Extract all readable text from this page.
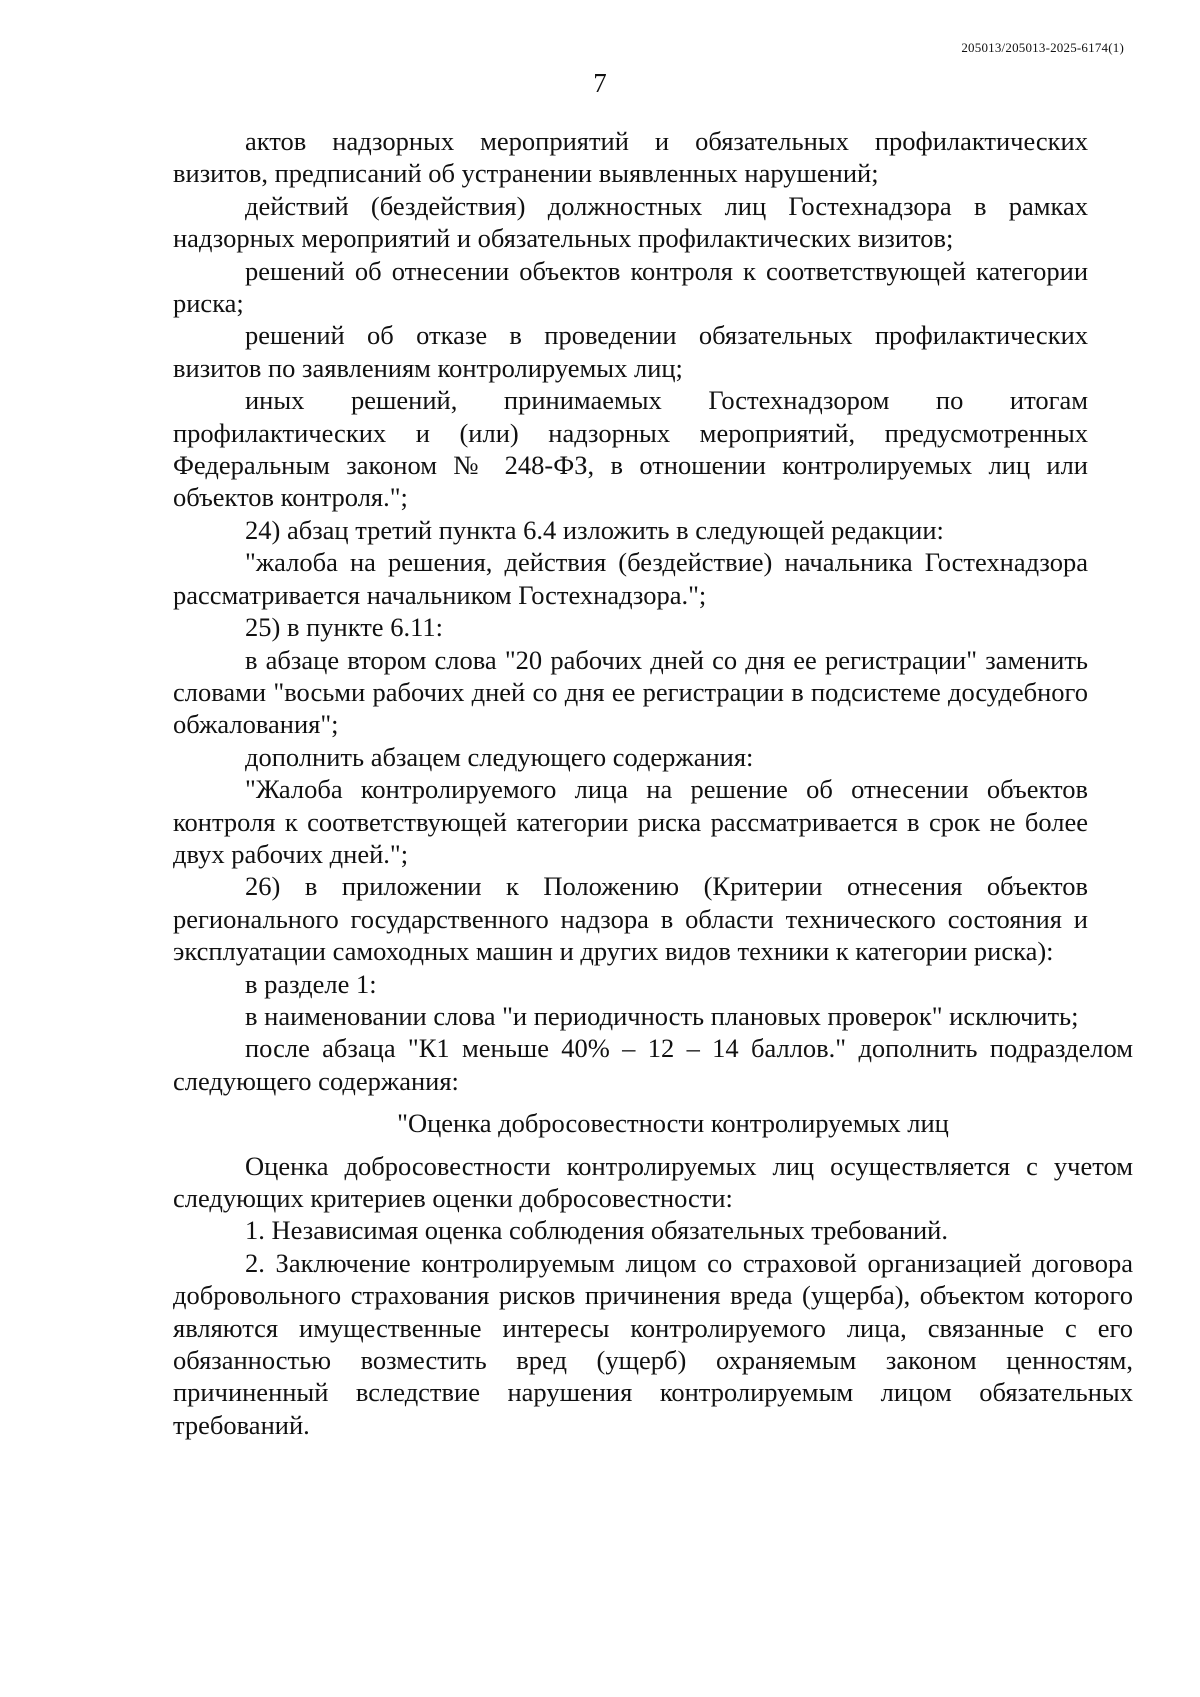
205013/205013-2025-6174(1)
7

актов надзорных мероприятий и обязательных профилактических визитов, предписаний об устранении выявленных нарушений;

действий (бездействия) должностных лиц Гостехнадзора в рамках надзорных мероприятий и обязательных профилактических визитов;

решений об отнесении объектов контроля к соответствующей категории риска;

решений об отказе в проведении обязательных профилактических визитов по заявлениям контролируемых лиц;

иных решений, принимаемых Гостехнадзором по итогам профилактических и (или) надзорных мероприятий, предусмотренных Федеральным законом № 248-ФЗ, в отношении контролируемых лиц или объектов контроля.";

24) абзац третий пункта 6.4 изложить в следующей редакции:

"жалоба на решения, действия (бездействие) начальника Гостехнадзора рассматривается начальником Гостехнадзора.";

25) в пункте 6.11:

в абзаце втором слова "20 рабочих дней со дня ее регистрации" заменить словами "восьми рабочих дней со дня ее регистрации в подсистеме досудебного обжалования";

дополнить абзацем следующего содержания:

"Жалоба контролируемого лица на решение об отнесении объектов контроля к соответствующей категории риска рассматривается в срок не более двух рабочих дней.";

26) в приложении к Положению (Критерии отнесения объектов регионального государственного надзора в области технического состояния и эксплуатации самоходных машин и других видов техники к категории риска):

в разделе 1:

в наименовании слова "и периодичность плановых проверок" исключить;

после абзаца "К1 меньше 40% – 12 – 14 баллов." дополнить подразделом следующего содержания:

"Оценка добросовестности контролируемых лиц

Оценка добросовестности контролируемых лиц осуществляется с учетом следующих критериев оценки добросовестности:

1. Независимая оценка соблюдения обязательных требований.

2. Заключение контролируемым лицом со страховой организацией договора добровольного страхования рисков причинения вреда (ущерба), объектом которого являются имущественные интересы контролируемого лица, связанные с его обязанностью возместить вред (ущерб) охраняемым законом ценностям, причиненный вследствие нарушения контролируемым лицом обязательных требований.
